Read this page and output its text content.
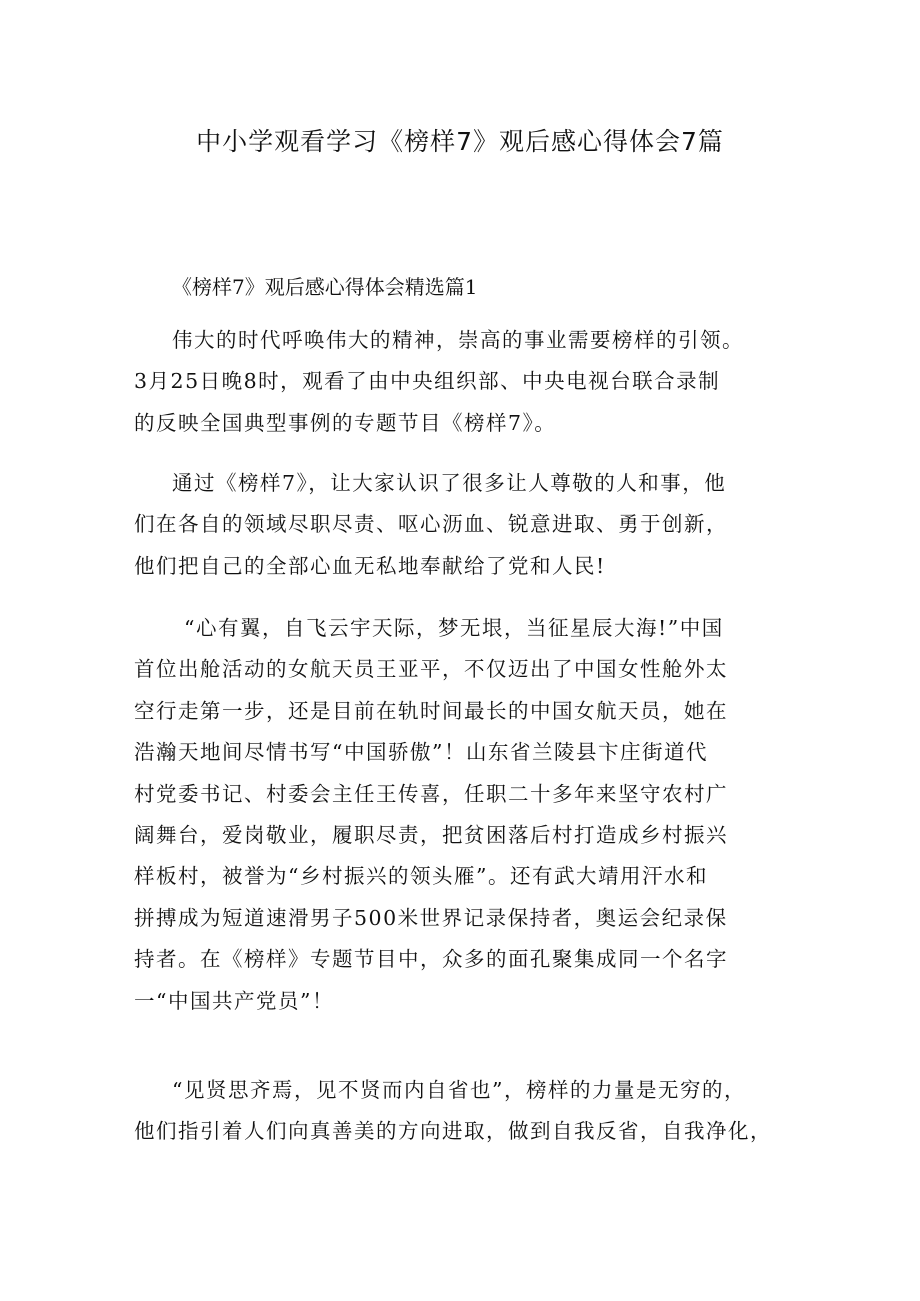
中小学观看学习《榜样7》观后感心得体会7篇
《榜样7》观后感心得体会精选篇1

伟大的时代呼唤伟大的精神，崇高的事业需要榜样的引领。
3月25日晚8时，观看了由中央组织部、中央电视台联合录制
的反映全国典型事例的专题节目《榜样7》。

通过《榜样7》，让大家认识了很多让人尊敬的人和事，他
们在各自的领域尽职尽责、呕心沥血、锐意进取、勇于创新，
他们把自己的全部心血无私地奉献给了党和人民!

“心有翼，自飞云宇天际，梦无垠，当征星辰大海!”中国
首位出舱活动的女航天员王亚平，不仅迈出了中国女性舱外太
空行走第一步，还是目前在轨时间最长的中国女航天员，她在
浩瀚天地间尽情书写“中国骄傲”！山东省兰陵县卞庄街道代
村党委书记、村委会主任王传喜，任职二十多年来坚守农村广
阔舞台，爱岗敬业，履职尽责，把贫困落后村打造成乡村振兴
样板村，被誉为“乡村振兴的领头雁”。还有武大靖用汗水和
拼搏成为短道速滑男子500米世界记录保持者，奥运会纪录保
持者。在《榜样》专题节目中，众多的面孔聚集成同一个名字
一“中国共产党员”！

“见贤思齐焉，见不贤而内自省也”，榜样的力量是无穷的，
他们指引着人们向真善美的方向进取，做到自我反省，自我净化，
